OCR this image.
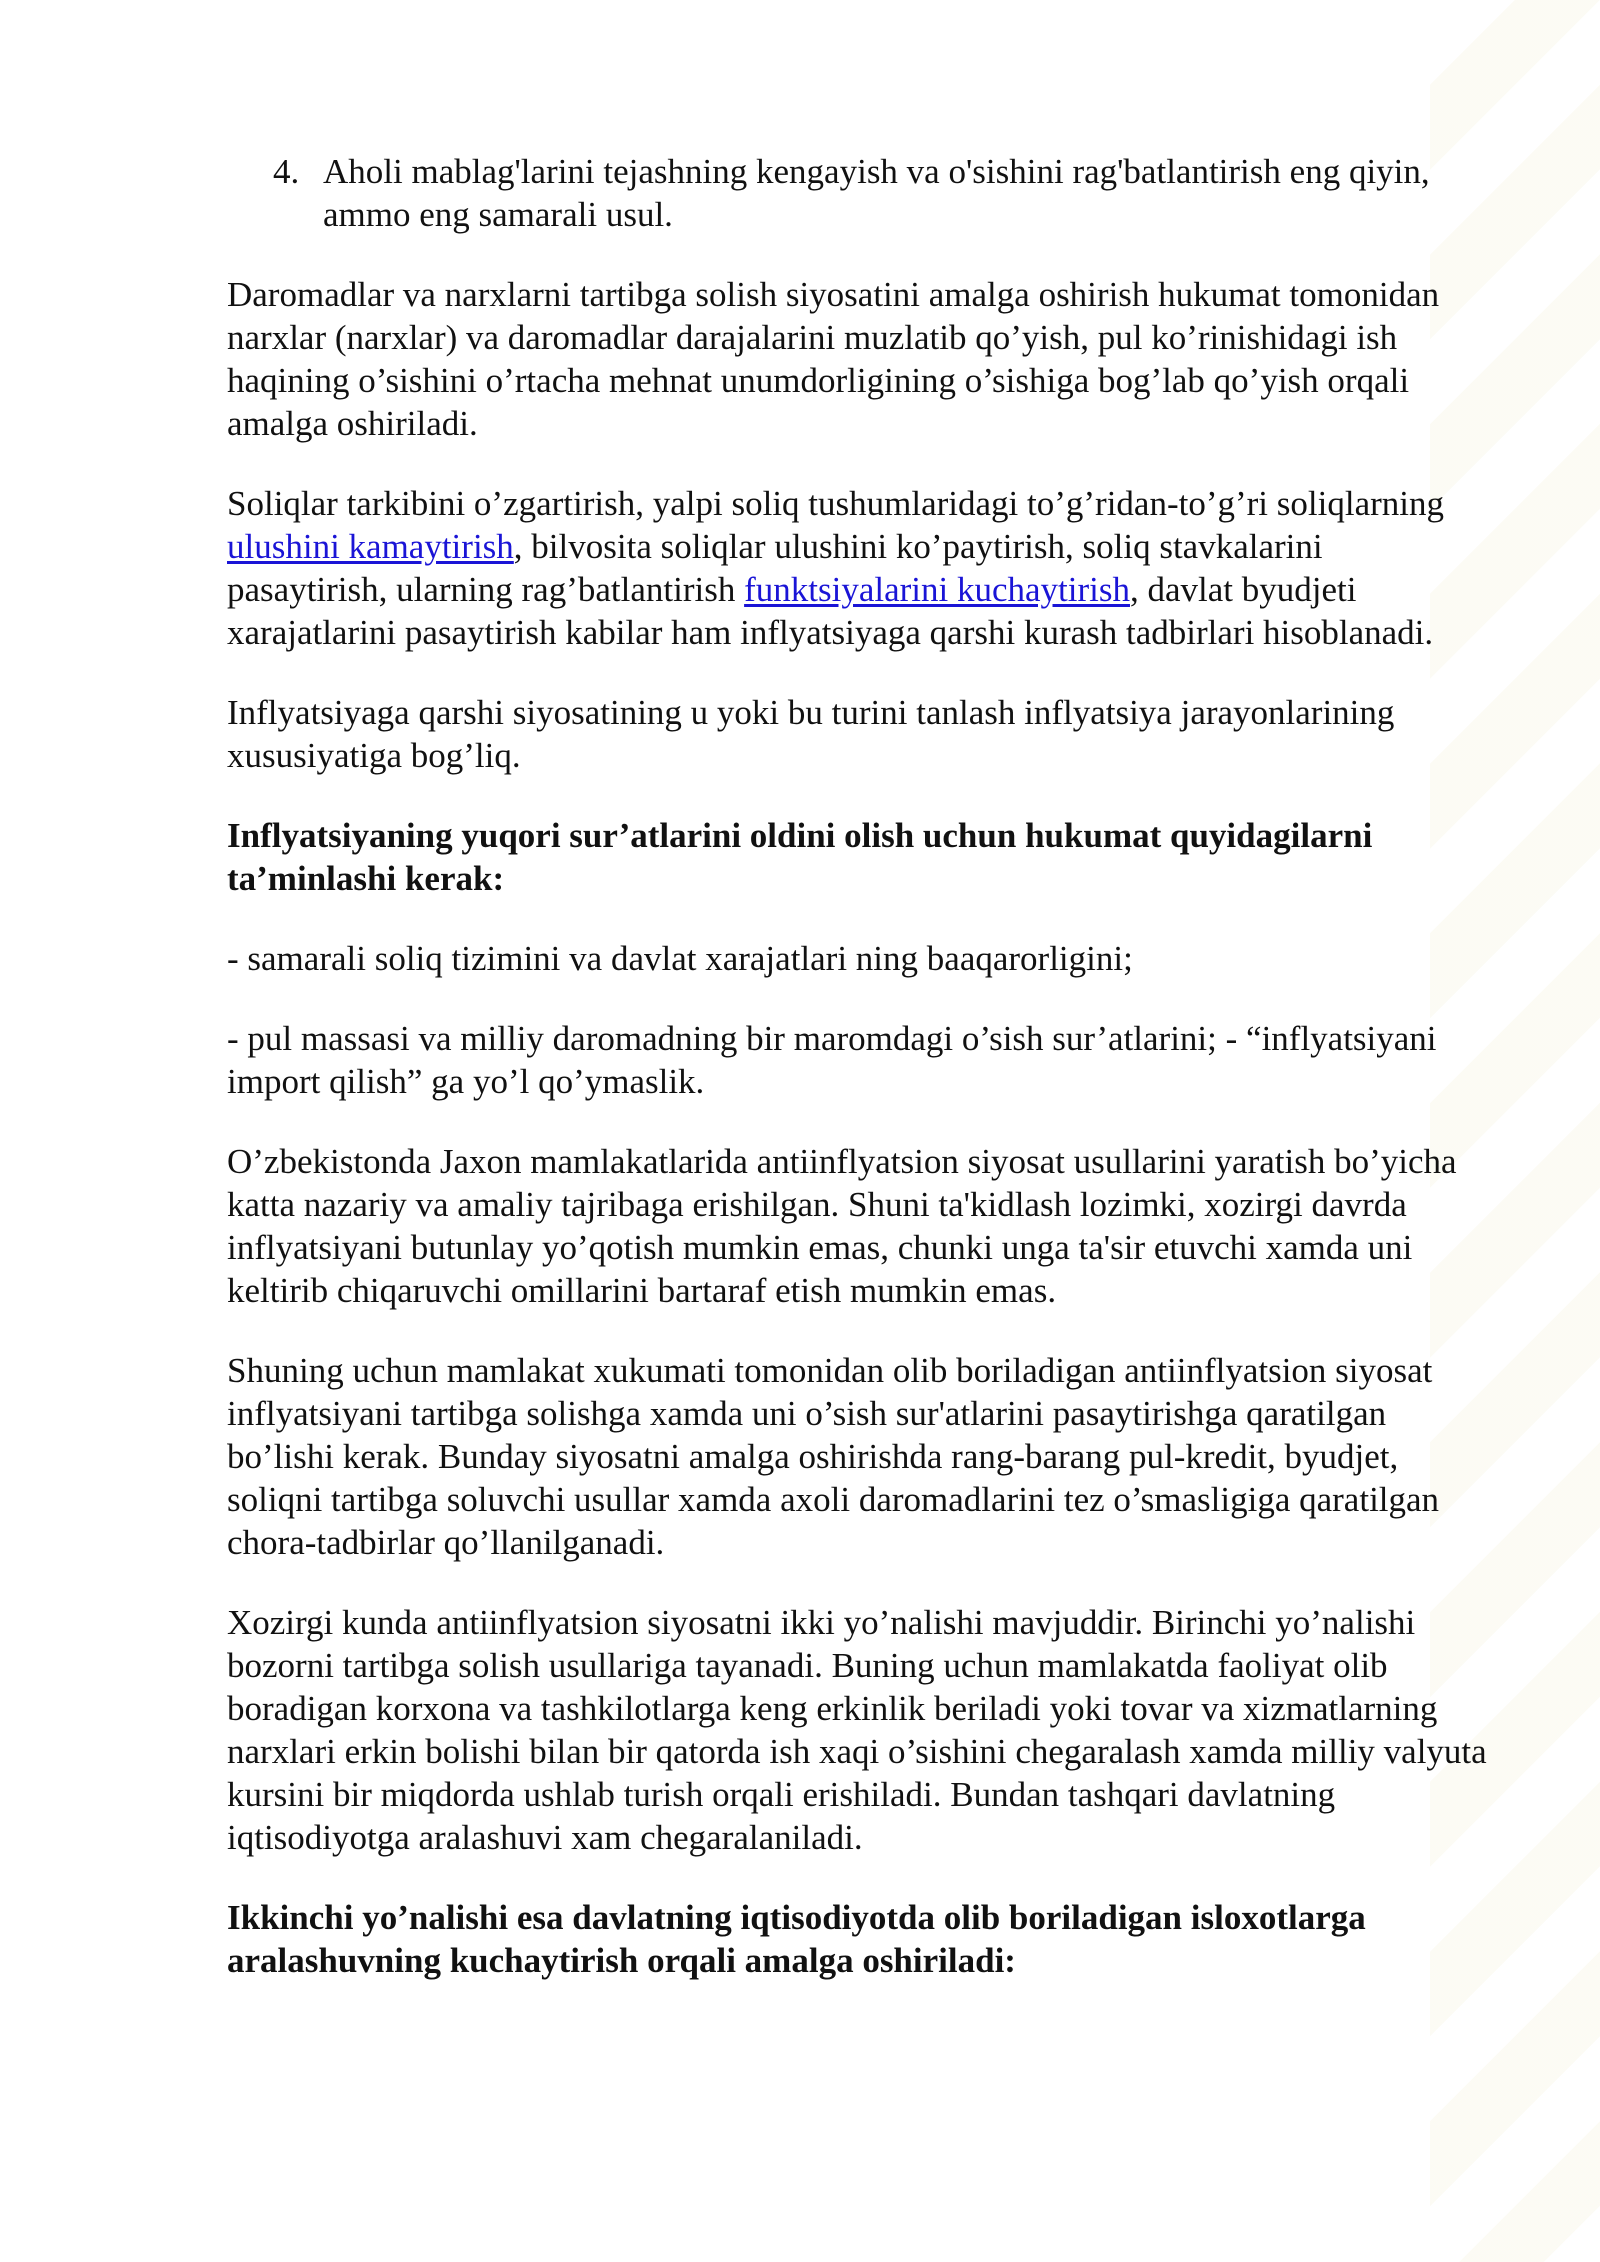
4. Aholi mablag'larini tejashning kengayish va o'sishini rag'batlantirish eng qiyin, ammo eng samarali usul.

Daromadlar va narxlarni tartibga solish siyosatini amalga oshirish hukumat tomonidan narxlar (narxlar) va daromadlar darajalarini muzlatib qo’yish, pul ko’rinishidagi ish haqining o’sishini o’rtacha mehnat unumdorligining o’sishiga bog’lab qo’yish orqali amalga oshiriladi.

Soliqlar tarkibini o’zgartirish, yalpi soliq tushumlaridagi to’g’ridan-to’g’ri soliqlarning ulushini kamaytirish, bilvosita soliqlar ulushini ko’paytirish, soliq stavkalarini pasaytirish, ularning rag’batlantirish funktsiyalarini kuchaytirish, davlat byudjeti xarajatlarini pasaytirish kabilar ham inflyatsiyaga qarshi kurash tadbirlari hisoblanadi.

Inflyatsiyaga qarshi siyosatining u yoki bu turini tanlash inflyatsiya jarayonlarining xususiyatiga bog’liq.

Inflyatsiyaning yuqori sur’atlarini oldini olish uchun hukumat quyidagilarni ta’minlashi kerak:

- samarali soliq tizimini va davlat xarajatlari ning baaqarorligini;

- pul massasi va milliy daromadning bir maromdagi o’sish sur’atlarini; - “inflyatsiyani import qilish” ga yo’l qo’ymaslik.

O’zbekistonda Jaxon mamlakatlarida antiinflyatsion siyosat usullarini yaratish bo’yicha katta nazariy va amaliy tajribaga erishilgan. Shuni ta'kidlash lozimki, xozirgi davrda inflyatsiyani butunlay yo’qotish mumkin emas, chunki unga ta'sir etuvchi xamda uni keltirib chiqaruvchi omillarini bartaraf etish mumkin emas.

Shuning uchun mamlakat xukumati tomonidan olib boriladigan antiinflyatsion siyosat inflyatsiyani tartibga solishga xamda uni o’sish sur'atlarini pasaytirishga qaratilgan bo’lishi kerak. Bunday siyosatni amalga oshirishda rang-barang pul-kredit, byudjet, soliqni tartibga soluvchi usullar xamda axoli daromadlarini tez o’smasligiga qaratilgan chora-tadbirlar qo’llanilganadi.

Xozirgi kunda antiinflyatsion siyosatni ikki yo’nalishi mavjuddir. Birinchi yo’nalishi bozorni tartibga solish usullariga tayanadi. Buning uchun mamlakatda faoliyat olib boradigan korxona va tashkilotlarga keng erkinlik beriladi yoki tovar va xizmatlarning narxlari erkin bolishi bilan bir qatorda ish xaqi o’sishini chegaralash xamda milliy valyuta kursini bir miqdorda ushlab turish orqali erishiladi. Bundan tashqari davlatning iqtisodiyotga aralashuvi xam chegaralaniladi.

Ikkinchi yo’nalishi esa davlatning iqtisodiyotda olib boriladigan isloxotlarga aralashuvning kuchaytirish orqali amalga oshiriladi:
